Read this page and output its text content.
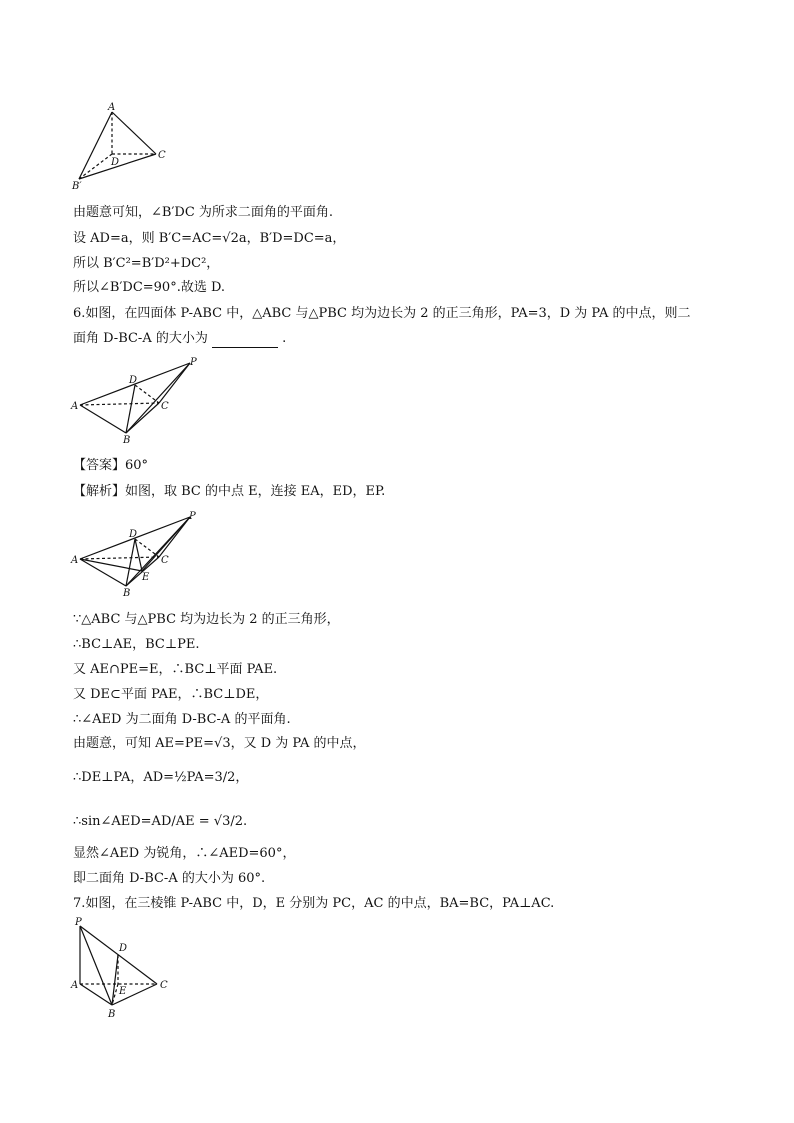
A
D
C
B′
由题意可知，∠B′DC 为所求二面角的平面角.
设 AD=a，则 B′C=AC=√2a，B′D=DC=a，
所以 B′C²=B′D²+DC²，
所以∠B′DC=90°.故选 D.
6.如图，在四面体 P-ABC 中，△ABC 与△PBC 均为边长为 2 的正三角形，PA=3，D 为 PA 的中点，则二
面角 D-BC-A 的大小为	.
P
D
A	C
B
【答案】60°
【解析】如图，取 BC 的中点 E，连接 EA，ED，EP.
P
D
A	C
E
B
∵△ABC 与△PBC 均为边长为 2 的正三角形，
∴BC⊥AE，BC⊥PE.
又 AE∩PE=E，∴BC⊥平面 PAE.
又 DE⊂平面 PAE，∴BC⊥DE，
∴∠AED 为二面角 D-BC-A 的平面角.
由题意，可知 AE=PE=√3，又 D 为 PA 的中点，
∴DE⊥PA，AD=½PA=3/2，
∴sin∠AED=AD/AE = √3/2.
显然∠AED 为锐角，∴∠AED=60°，
即二面角 D-BC-A 的大小为 60°.
7.如图，在三棱锥 P-ABC 中，D，E 分别为 PC，AC 的中点，BA=BC，PA⊥AC.
P
D
A
E
C
B
